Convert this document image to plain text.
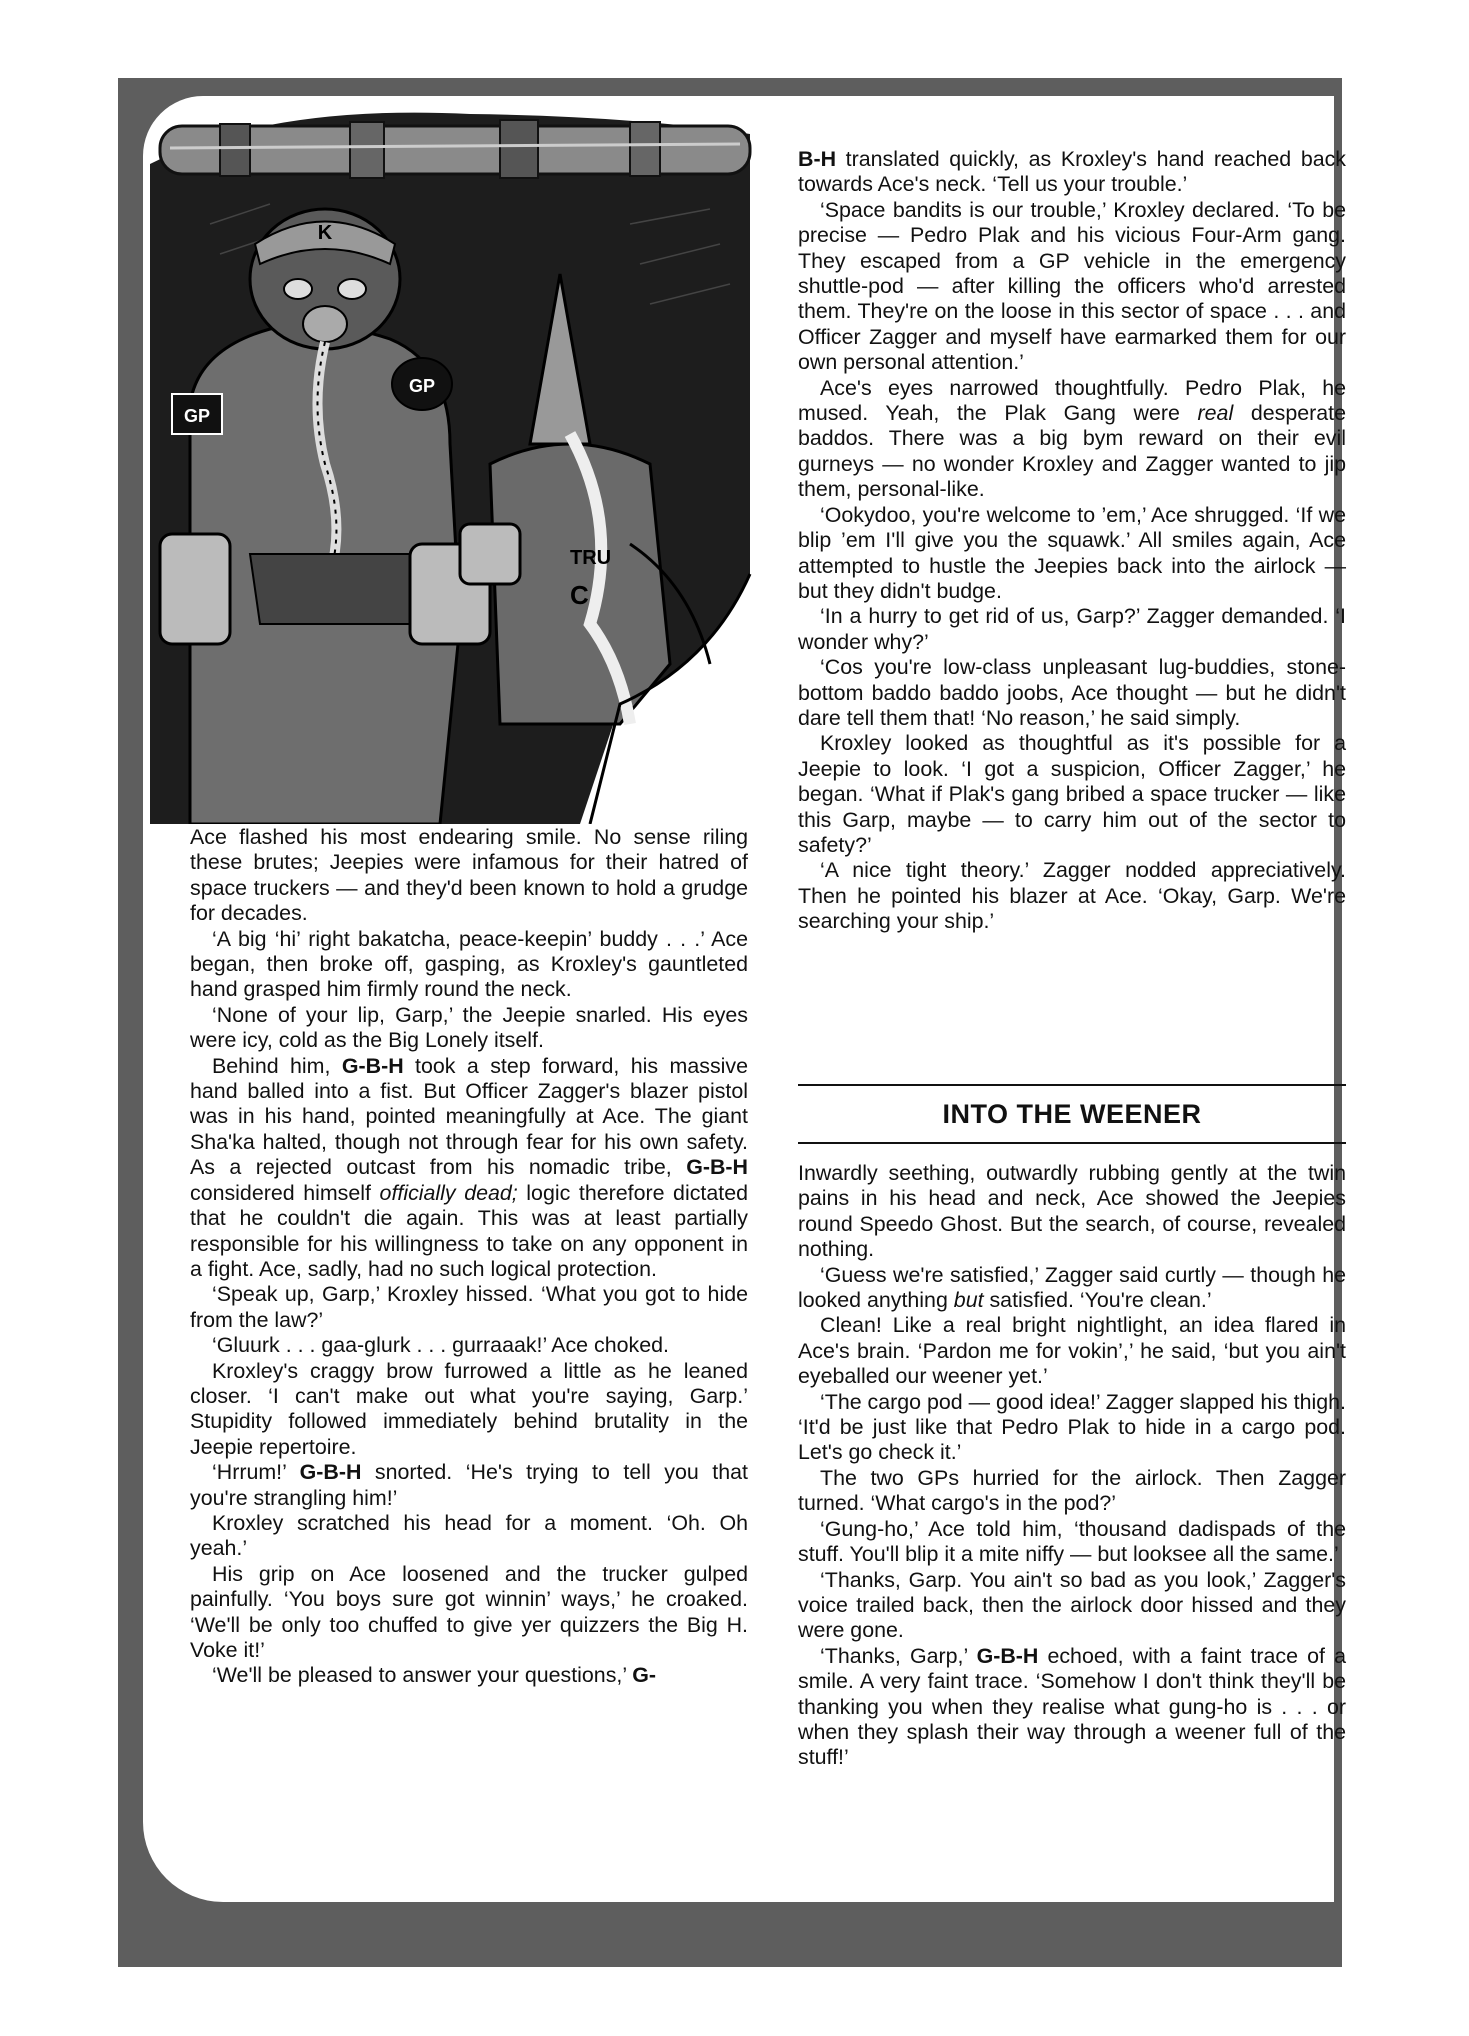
K
GP
GP
TRU
C

Ace flashed his most endearing smile. No sense riling these brutes; Jeepies were infamous for their hatred of space truckers — and they'd been known to hold a grudge for decades.

‘A big ‘hi’ right bakatcha, peace-keepin’ buddy . . .’ Ace began, then broke off, gasping, as Kroxley's gauntleted hand grasped him firmly round the neck.

‘None of your lip, Garp,’ the Jeepie snarled. His eyes were icy, cold as the Big Lonely itself.

Behind him, G-B-H took a step forward, his massive hand balled into a fist. But Officer Zagger's blazer pistol was in his hand, pointed meaningfully at Ace. The giant Sha'ka halted, though not through fear for his own safety. As a rejected outcast from his nomadic tribe, G-B-H considered himself officially dead; logic therefore dictated that he couldn't die again. This was at least partially responsible for his willingness to take on any opponent in a fight. Ace, sadly, had no such logical protection.

‘Speak up, Garp,’ Kroxley hissed. ‘What you got to hide from the law?’

‘Gluurk . . . gaa-glurk . . . gurraaak!’ Ace choked.

Kroxley's craggy brow furrowed a little as he leaned closer. ‘I can't make out what you're saying, Garp.’ Stupidity followed immediately behind brutality in the Jeepie repertoire.

‘Hrrum!’ G-B-H snorted. ‘He's trying to tell you that you're strangling him!’

Kroxley scratched his head for a moment. ‘Oh. Oh yeah.’

His grip on Ace loosened and the trucker gulped painfully. ‘You boys sure got winnin’ ways,’ he croaked. ‘We'll be only too chuffed to give yer quizzers the Big H. Voke it!’

‘We'll be pleased to answer your questions,’ G-

B-H translated quickly, as Kroxley's hand reached back towards Ace's neck. ‘Tell us your trouble.’

‘Space bandits is our trouble,’ Kroxley declared. ‘To be precise — Pedro Plak and his vicious Four-Arm gang. They escaped from a GP vehicle in the emergency shuttle-pod — after killing the officers who'd arrested them. They're on the loose in this sector of space . . . and Officer Zagger and myself have earmarked them for our own personal attention.’

Ace's eyes narrowed thoughtfully. Pedro Plak, he mused. Yeah, the Plak Gang were real desperate baddos. There was a big bym reward on their evil gurneys — no wonder Kroxley and Zagger wanted to jip them, personal-like.

‘Ookydoo, you're welcome to ’em,’ Ace shrugged. ‘If we blip ’em I'll give you the squawk.’ All smiles again, Ace attempted to hustle the Jeepies back into the airlock — but they didn't budge.

‘In a hurry to get rid of us, Garp?’ Zagger demanded. ‘I wonder why?’

‘Cos you're low-class unpleasant lug-buddies, stone-bottom baddo baddo joobs, Ace thought — but he didn't dare tell them that! ‘No reason,’ he said simply.

Kroxley looked as thoughtful as it's possible for a Jeepie to look. ‘I got a suspicion, Officer Zagger,’ he began. ‘What if Plak's gang bribed a space trucker — like this Garp, maybe — to carry him out of the sector to safety?’

‘A nice tight theory.’ Zagger nodded appreciatively. Then he pointed his blazer at Ace. ‘Okay, Garp. We're searching your ship.’

INTO THE WEENER

Inwardly seething, outwardly rubbing gently at the twin pains in his head and neck, Ace showed the Jeepies round Speedo Ghost. But the search, of course, revealed nothing.

‘Guess we're satisfied,’ Zagger said curtly — though he looked anything but satisfied. ‘You're clean.’

Clean! Like a real bright nightlight, an idea flared in Ace's brain. ‘Pardon me for vokin’,’ he said, ‘but you ain't eyeballed our weener yet.’

‘The cargo pod — good idea!’ Zagger slapped his thigh. ‘It'd be just like that Pedro Plak to hide in a cargo pod. Let's go check it.’

The two GPs hurried for the airlock. Then Zagger turned. ‘What cargo's in the pod?’

‘Gung-ho,’ Ace told him, ‘thousand dadispads of the stuff. You'll blip it a mite niffy — but looksee all the same.’

‘Thanks, Garp. You ain't so bad as you look,’ Zagger's voice trailed back, then the airlock door hissed and they were gone.

‘Thanks, Garp,’ G-B-H echoed, with a faint trace of a smile. A very faint trace. ‘Somehow I don't think they'll be thanking you when they realise what gung-ho is . . . or when they splash their way through a weener full of the stuff!’
